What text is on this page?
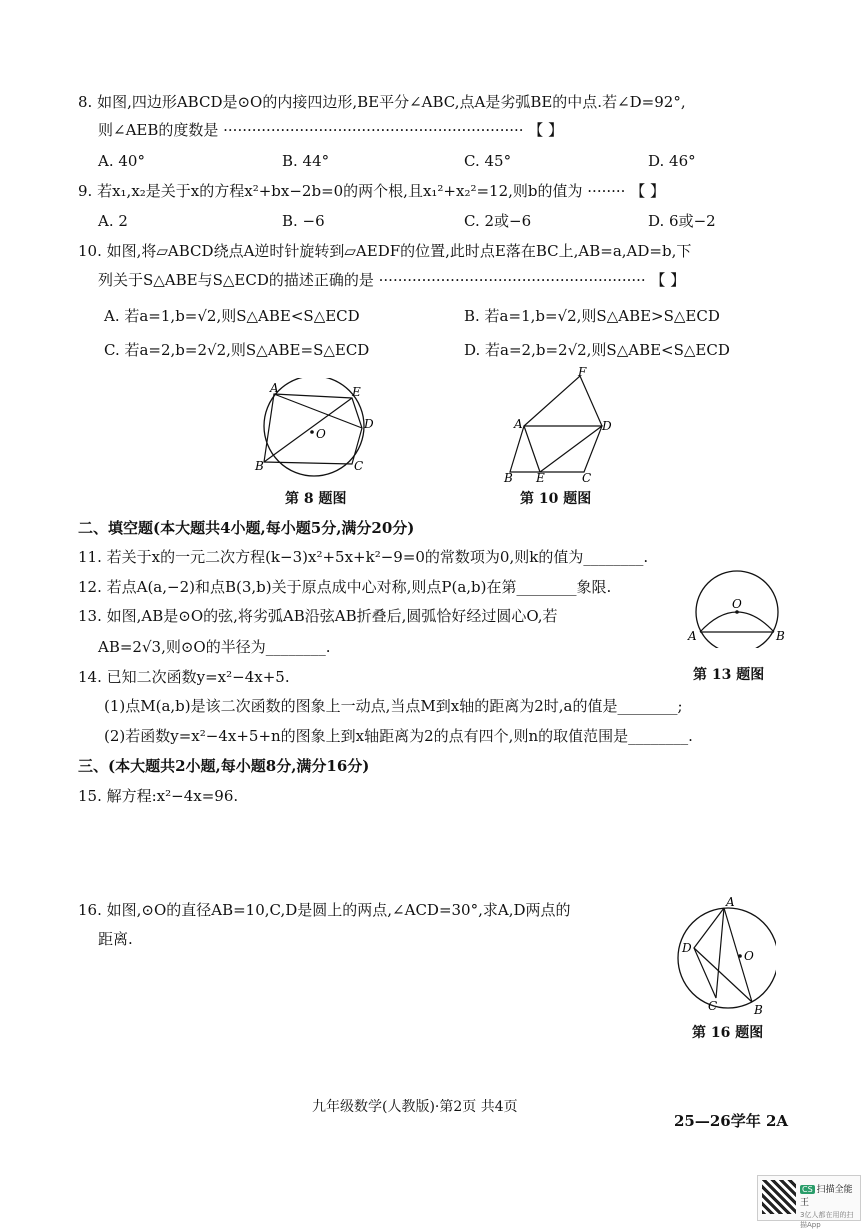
8. 如图,四边形ABCD是⊙O的内接四边形,BE平分∠ABC,点A是劣弧BE的中点.若∠D=92°,
则∠AEB的度数是 ······························································· 【 】
A. 40°	B. 44°	C. 45°	D. 46°
9. 若x₁,x₂是关于x的方程x²+bx−2b=0的两个根,且x₁²+x₂²=12,则b的值为 ········ 【 】
A. 2	B. −6	C. 2或−6	D. 6或−2
10. 如图,将▱ABCD绕点A逆时针旋转到▱AEDF的位置,此时点E落在BC上,AB=a,AD=b,下
列关于S△ABE与S△ECD的描述正确的是 ························································ 【 】
A. 若a=1,b=√2,则S△ABE<S△ECD	B. 若a=1,b=√2,则S△ABE>S△ECD
C. 若a=2,b=2√2,则S△ABE=S△ECD	D. 若a=2,b=2√2,则S△ABE<S△ECD
A	E
D
C
B
O
第 8 题图
F
A	D
B E	C
第 10 题图
二、填空题(本大题共4小题,每小题5分,满分20分)
11. 若关于x的一元二次方程(k−3)x²+5x+k²−9=0的常数项为0,则k的值为________.
12. 若点A(a,−2)和点B(3,b)关于原点成中心对称,则点P(a,b)在第________象限.
13. 如图,AB是⊙O的弦,将劣弧AB沿弦AB折叠后,圆弧恰好经过圆心O,若
AB=2√3,则⊙O的半径为________.
O
A	B
第 13 题图
14. 已知二次函数y=x²−4x+5.
(1)点M(a,b)是该二次函数的图象上一动点,当点M到x轴的距离为2时,a的值是________;
(2)若函数y=x²−4x+5+n的图象上到x轴距离为2的点有四个,则n的取值范围是________.
三、(本大题共2小题,每小题8分,满分16分)
15. 解方程:x²−4x=96.
16. 如图,⊙O的直径AB=10,C,D是圆上的两点,∠ACD=30°,求A,D两点的
距离.
A
D
O
C	B
第 16 题图
九年级数学(人教版)·第2页 共4页
25—26学年 2A
CS 扫描全能王
3亿人都在用的扫描App
